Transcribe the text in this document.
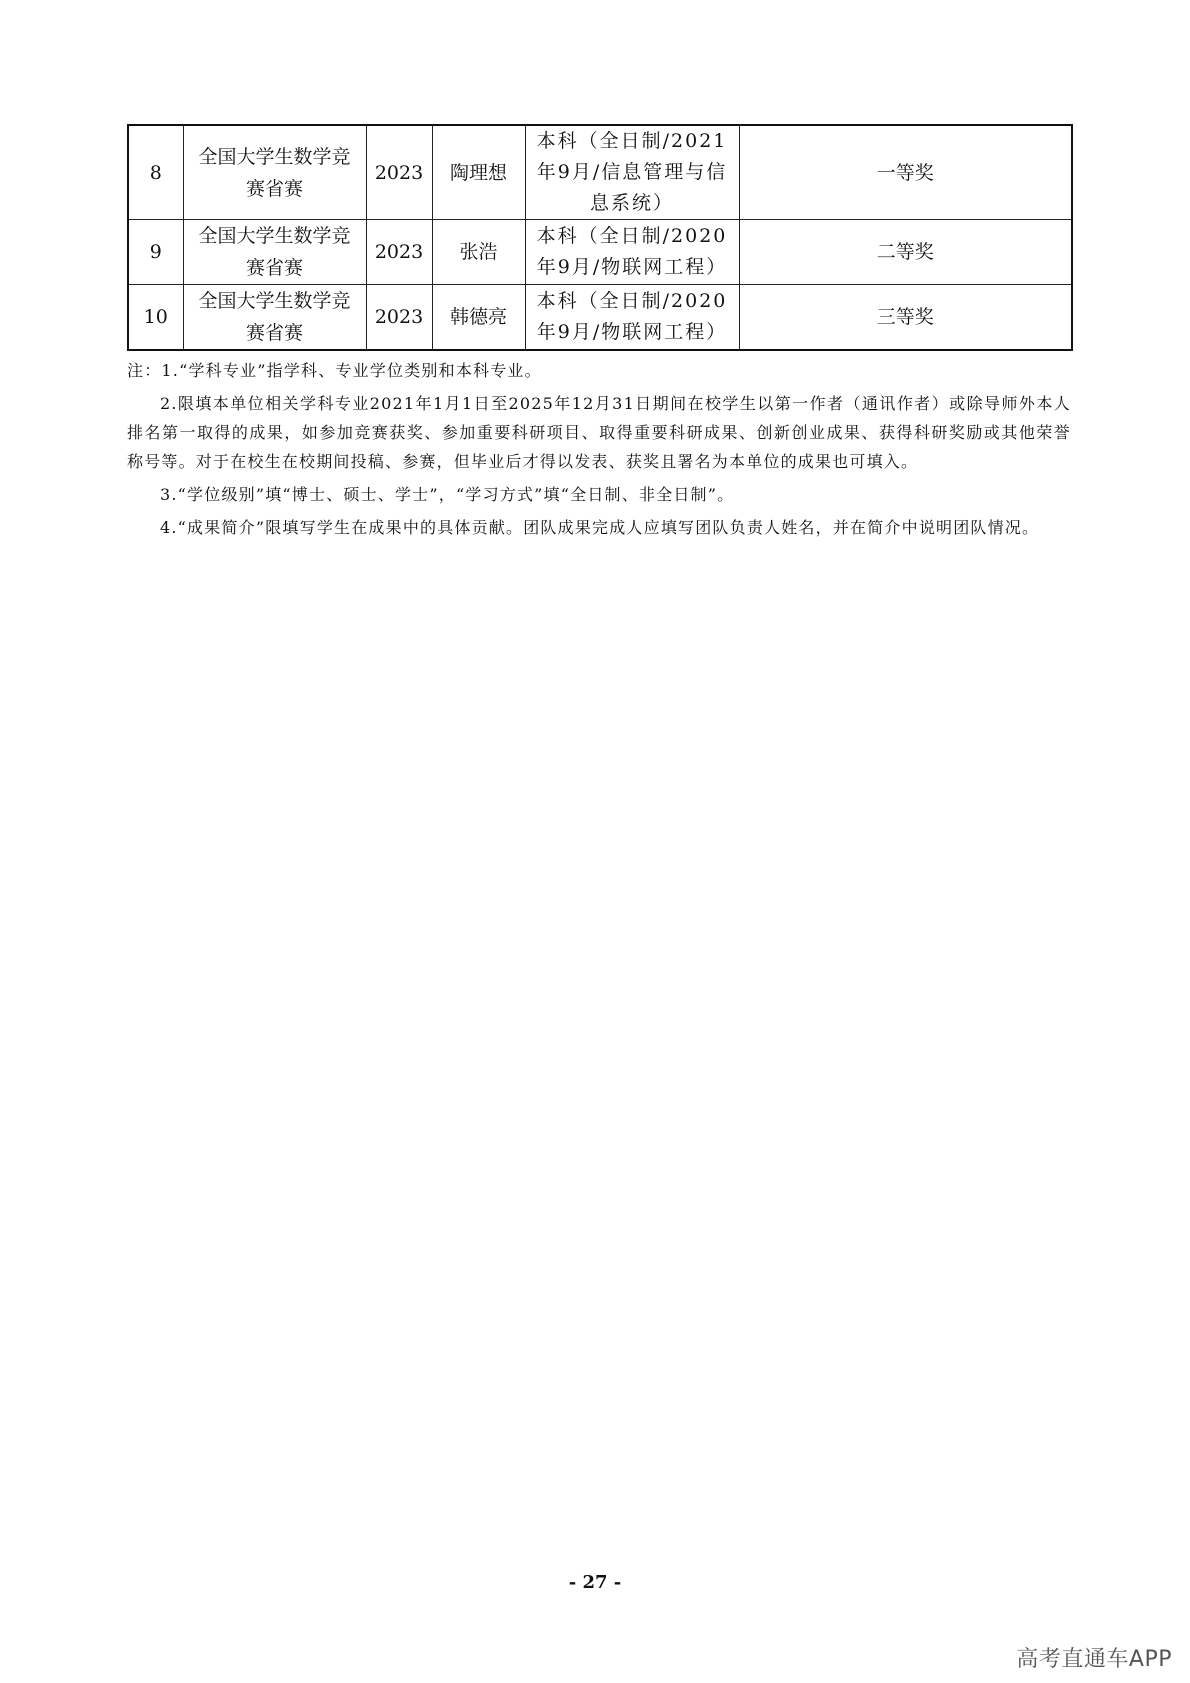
8	全国大学生数学竞赛省赛	2023	陶理想	本科（全日制/2021年9月/信息管理与信息系统）	一等奖
9	全国大学生数学竞赛省赛	2023	张浩	本科（全日制/2020年9月/物联网工程）	二等奖
10	全国大学生数学竞赛省赛	2023	韩德亮	本科（全日制/2020年9月/物联网工程）	三等奖

注：1.“学科专业”指学科、专业学位类别和本科专业。

2.限填本单位相关学科专业2021年1月1日至2025年12月31日期间在校学生以第一作者（通讯作者）或除导师外本人排名第一取得的成果，如参加竞赛获奖、参加重要科研项目、取得重要科研成果、创新创业成果、获得科研奖励或其他荣誉称号等。对于在校生在校期间投稿、参赛，但毕业后才得以发表、获奖且署名为本单位的成果也可填入。

3.“学位级别”填“博士、硕士、学士”，“学习方式”填“全日制、非全日制”。

4.“成果简介”限填写学生在成果中的具体贡献。团队成果完成人应填写团队负责人姓名，并在简介中说明团队情况。

- 27 -
高考直通车APP
